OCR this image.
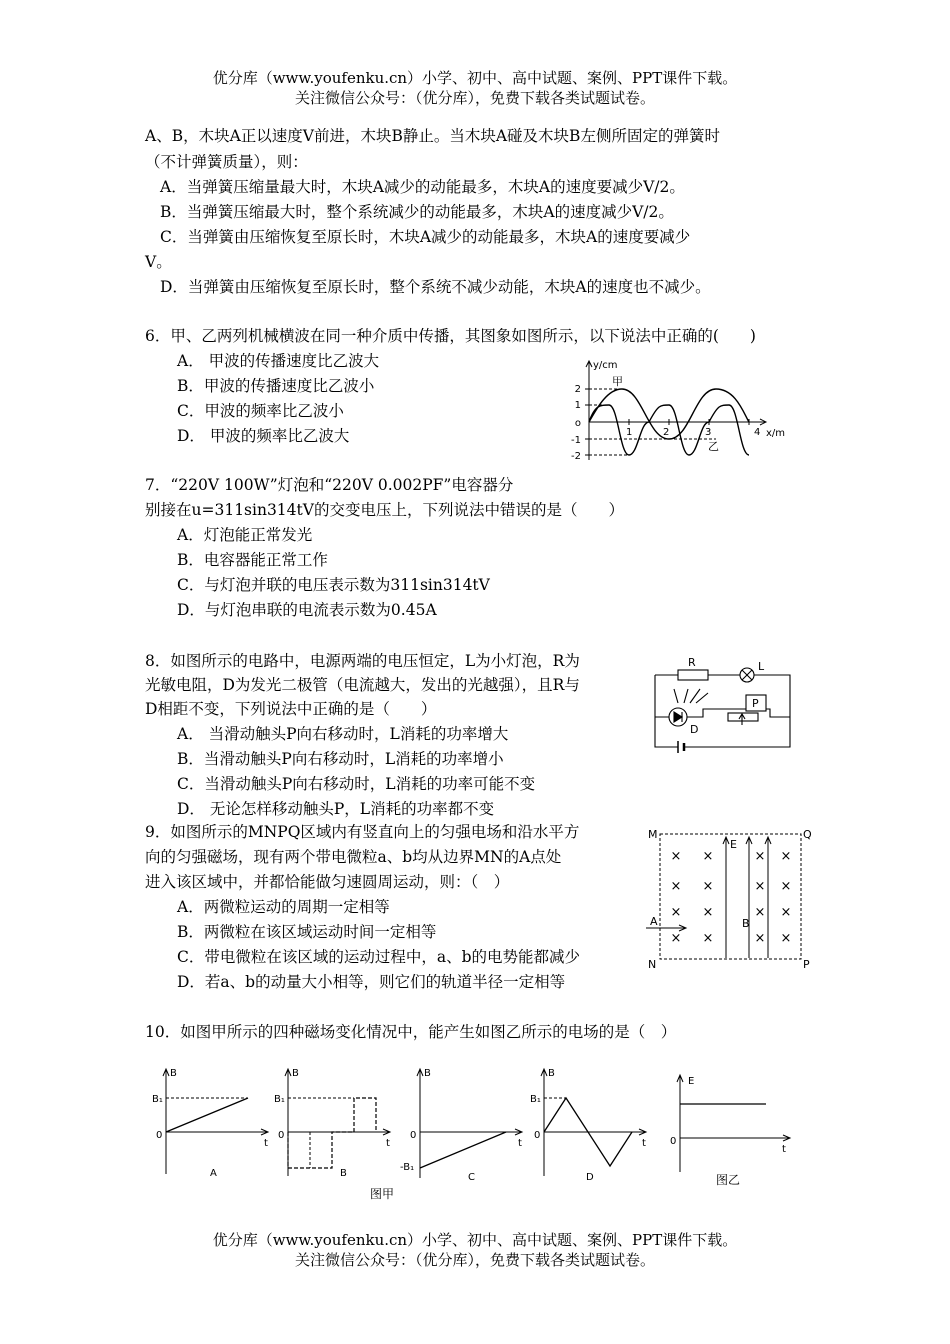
优分库（www.youfenku.cn）小学、初中、高中试题、案例、PPT课件下载。
关注微信公众号：（优分库），免费下载各类试题试卷。
A、B，木块A正以速度V前进，木块B静止。当木块A碰及木块B左侧所固定的弹簧时
（不计弹簧质量），则：
A．当弹簧压缩量最大时，木块A减少的动能最多，木块A的速度要减少V/2。
B．当弹簧压缩最大时，整个系统减少的动能最多，木块A的速度减少V/2。
C．当弹簧由压缩恢复至原长时，木块A减少的动能最多，木块A的速度要减少
V。
D．当弹簧由压缩恢复至原长时，整个系统不减少动能，木块A的速度也不减少。
6．甲、乙两列机械横波在同一种介质中传播，其图象如图所示，以下说法中正确的(　　)
A． 甲波的传播速度比乙波大
B．甲波的传播速度比乙波小
C．甲波的频率比乙波小
D． 甲波的频率比乙波大
y/cm
x/m
甲
乙
2
1
o
-1
-2
1	2	3	4
7．“220V 100W”灯泡和“220V 0.002PF”电容器分
别接在u=311sin314tV的交变电压上，下列说法中错误的是（　　）
A．灯泡能正常发光
B．电容器能正常工作
C．与灯泡并联的电压表示数为311sin314tV
D．与灯泡串联的电流表示数为0.45A
8．如图所示的电路中，电源两端的电压恒定，L为小灯泡，R为
光敏电阻，D为发光二极管（电流越大，发出的光越强），且R与
D相距不变，下列说法中正确的是（　　）
A． 当滑动触头P向右移动时，L消耗的功率增大
B．当滑动触头P向右移动时，L消耗的功率增小
C．当滑动触头P向右移动时，L消耗的功率可能不变
D． 无论怎样移动触头P，L消耗的功率都不变
R	L
D
P
9．如图所示的MNPQ区域内有竖直向上的匀强电场和沿水平方
向的匀强磁场，现有两个带电微粒a、b均从边界MN的A点处
进入该区域中，并都恰能做匀速圆周运动，则：（　）
A．两微粒运动的周期一定相等
B．两微粒在该区域运动时间一定相等
C．带电微粒在该区域的运动过程中，a、b的电势能都减少
D．若a、b的动量大小相等，则它们的轨道半径一定相等
M	Q
N	P
A	B
E
× ×	× ×
× ×	× ×
× ×	× ×
× ×	× ×
10．如图甲所示的四种磁场变化情况中，能产生如图乙所示的电场的是（　）
B
B₁
0
t
A
B
B₁
0
t
B
B
0
-B₁
t
C
B
B₁
0
t
D
E
0
t
图甲
图乙
优分库（www.youfenku.cn）小学、初中、高中试题、案例、PPT课件下载。
关注微信公众号：（优分库），免费下载各类试题试卷。
